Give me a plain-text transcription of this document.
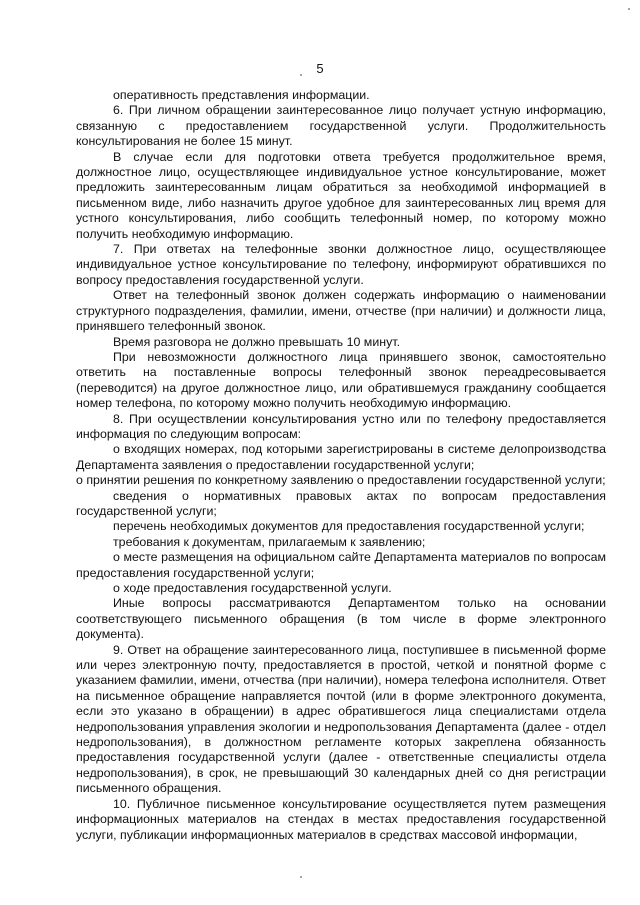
5

оперативность представления информации.

6. При личном обращении заинтересованное лицо получает устную информацию, связанную с предоставлением государственной услуги. Продолжительность консультирования не более 15 минут.

В случае если для подготовки ответа требуется продолжительное время, должностное лицо, осуществляющее индивидуальное устное консультирование, может предложить заинтересованным лицам обратиться за необходимой информацией в письменном виде, либо назначить другое удобное для заинтересованных лиц время для устного консультирования, либо сообщить телефонный номер, по которому можно получить необходимую информацию.

7. При ответах на телефонные звонки должностное лицо, осуществляющее индивидуальное устное консультирование по телефону, информируют обратившихся по вопросу предоставления государственной услуги.

Ответ на телефонный звонок должен содержать информацию о наименовании структурного подразделения, фамилии, имени, отчестве (при наличии) и должности лица, принявшего телефонный звонок.

Время разговора не должно превышать 10 минут.

При невозможности должностного лица принявшего звонок, самостоятельно ответить на поставленные вопросы телефонный звонок переадресовывается (переводится) на другое должностное лицо, или обратившемуся гражданину сообщается номер телефона, по которому можно получить необходимую информацию.

8. При осуществлении консультирования устно или по телефону предоставляется информация по следующим вопросам:

о входящих номерах, под которыми зарегистрированы в системе делопроизводства Департамента заявления о предоставлении государственной услуги;

о принятии решения по конкретному заявлению о предоставлении государственной услуги;

сведения о нормативных правовых актах по вопросам предоставления государственной услуги;

перечень необходимых документов для предоставления государственной услуги;

требования к документам, прилагаемым к заявлению;

о месте размещения на официальном сайте Департамента материалов по вопросам предоставления государственной услуги;

о ходе предоставления государственной услуги.

Иные вопросы рассматриваются Департаментом только на основании соответствующего письменного обращения (в том числе в форме электронного документа).

9. Ответ на обращение заинтересованного лица, поступившее в письменной форме или через электронную почту, предоставляется в простой, четкой и понятной форме с указанием фамилии, имени, отчества (при наличии), номера телефона исполнителя. Ответ на письменное обращение направляется почтой (или в форме электронного документа, если это указано в обращении) в адрес обратившегося лица специалистами отдела недропользования управления экологии и недропользования Департамента (далее - отдел недропользования), в должностном регламенте которых закреплена обязанность предоставления государственной услуги (далее - ответственные специалисты отдела недропользования), в срок, не превышающий 30 календарных дней со дня регистрации письменного обращения.

10. Публичное письменное консультирование осуществляется путем размещения информационных материалов на стендах в местах предоставления государственной услуги, публикации информационных материалов в средствах массовой информации,
